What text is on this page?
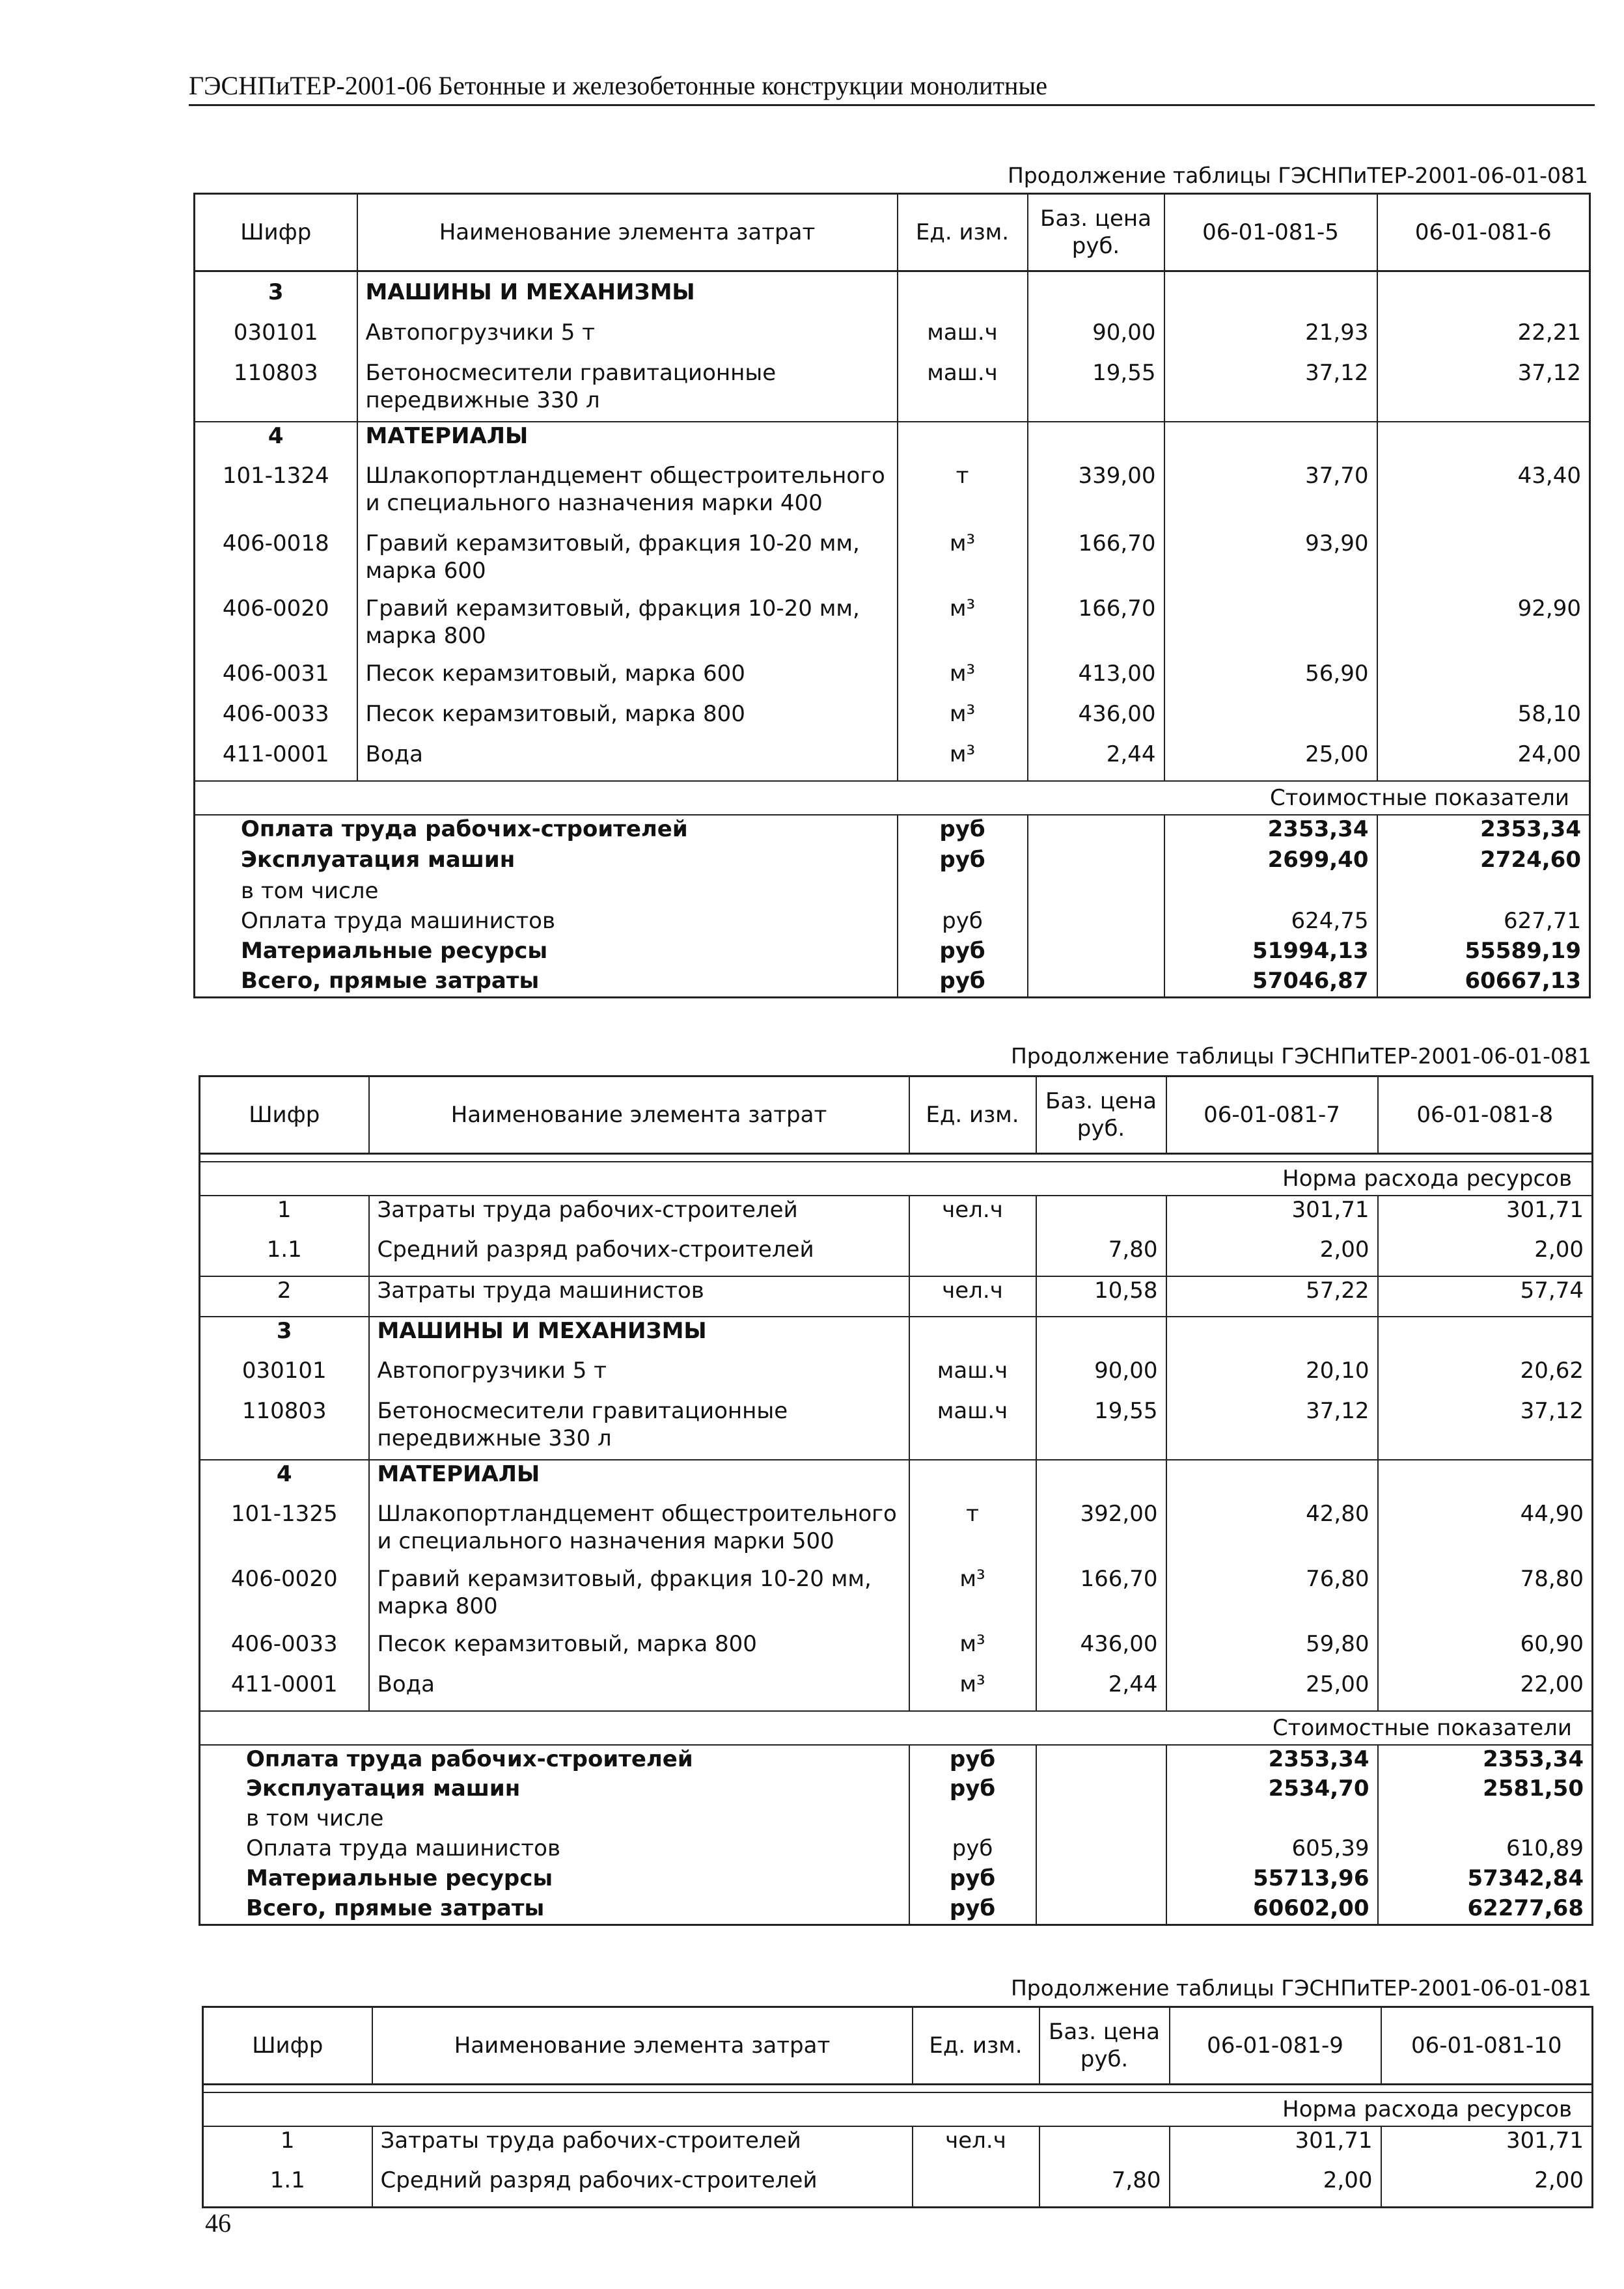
ГЭСНПиТЕР-2001-06 Бетонные и железобетонные конструкции монолитные
Продолжение таблицы ГЭСНПиТЕР-2001-06-01-081
Шифр	Наименование элемента затрат	Ед. изм.	Баз. цена руб.	06-01-081-5	06-01-081-6

3	МАШИНЫ И МЕХАНИЗМЫ				
030101	Автопогрузчики 5 т	маш.ч	90,00	21,93	22,21
110803	Бетоносмесители гравитационные передвижные 330 л	маш.ч	19,55	37,12	37,12
4	МАТЕРИАЛЫ				
101-1324	Шлакопортландцемент общестроительного и специального назначения марки 400	т	339,00	37,70	43,40
406-0018	Гравий керамзитовый, фракция 10-20 мм, марка 600	м³	166,70	93,90	
406-0020	Гравий керамзитовый, фракция 10-20 мм, марка 800	м³	166,70		92,90
406-0031	Песок керамзитовый, марка 600	м³	413,00	56,90	
406-0033	Песок керамзитовый, марка 800	м³	436,00		58,10
411-0001	Вода	м³	2,44	25,00	24,00
Стоимостные показатели					
Оплата труда рабочих-строителей		руб		2353,34	2353,34
Эксплуатация машин		руб		2699,40	2724,60
в том числе					
Оплата труда машинистов		руб		624,75	627,71
Материальные ресурсы		руб		51994,13	55589,19
Всего, прямые затраты		руб		57046,87	60667,13
Продолжение таблицы ГЭСНПиТЕР-2001-06-01-081
Шифр	Наименование элемента затрат	Ед. изм.	Баз. цена руб.	06-01-081-7	06-01-081-8

Норма расхода ресурсов					
1	Затраты труда рабочих-строителей	чел.ч		301,71	301,71
1.1	Средний разряд рабочих-строителей		7,80	2,00	2,00
2	Затраты труда машинистов	чел.ч	10,58	57,22	57,74
3	МАШИНЫ И МЕХАНИЗМЫ				
030101	Автопогрузчики 5 т	маш.ч	90,00	20,10	20,62
110803	Бетоносмесители гравитационные передвижные 330 л	маш.ч	19,55	37,12	37,12
4	МАТЕРИАЛЫ				
101-1325	Шлакопортландцемент общестроительного и специального назначения марки 500	т	392,00	42,80	44,90
406-0020	Гравий керамзитовый, фракция 10-20 мм, марка 800	м³	166,70	76,80	78,80
406-0033	Песок керамзитовый, марка 800	м³	436,00	59,80	60,90
411-0001	Вода	м³	2,44	25,00	22,00
Стоимостные показатели					
Оплата труда рабочих-строителей		руб		2353,34	2353,34
Эксплуатация машин		руб		2534,70	2581,50
в том числе					
Оплата труда машинистов		руб		605,39	610,89
Материальные ресурсы		руб		55713,96	57342,84
Всего, прямые затраты		руб		60602,00	62277,68
Продолжение таблицы ГЭСНПиТЕР-2001-06-01-081
Шифр	Наименование элемента затрат	Ед. изм.	Баз. цена руб.	06-01-081-9	06-01-081-10

Норма расхода ресурсов					
1	Затраты труда рабочих-строителей	чел.ч		301,71	301,71
1.1	Средний разряд рабочих-строителей		7,80	2,00	2,00
46
